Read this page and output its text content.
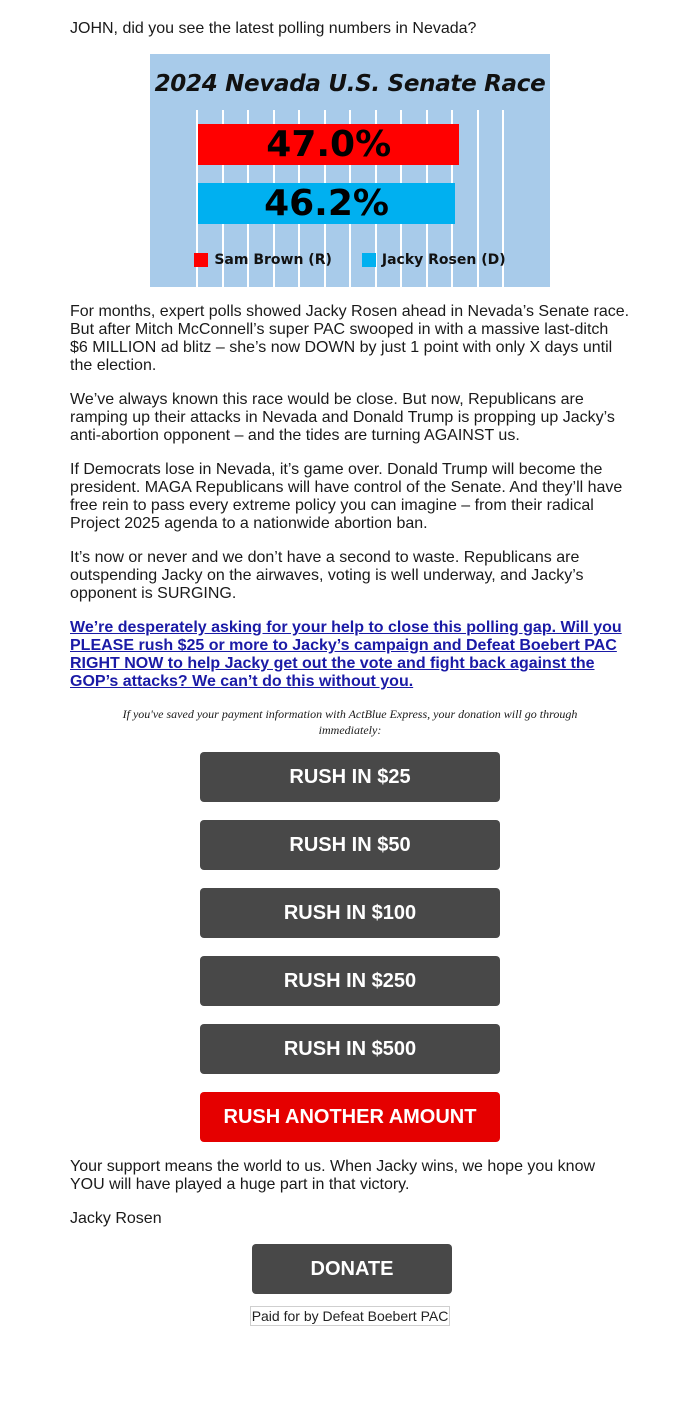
JOHN, did you see the latest polling numbers in Nevada?
2024 Nevada U.S. Senate Race
47.0%
46.2%
Sam Brown (R)	Jacky Rosen (D)
For months, expert polls showed Jacky Rosen ahead in Nevada’s Senate race. But after Mitch McConnell’s super PAC swooped in with a massive last-ditch $6 MILLION ad blitz – she’s now DOWN by just 1 point with only X days until the election.
We’ve always known this race would be close. But now, Republicans are ramping up their attacks in Nevada and Donald Trump is propping up Jacky’s anti-abortion opponent – and the tides are turning AGAINST us.
If Democrats lose in Nevada, it’s game over. Donald Trump will become the president. MAGA Republicans will have control of the Senate. And they’ll have free rein to pass every extreme policy you can imagine – from their radical Project 2025 agenda to a nationwide abortion ban.
It’s now or never and we don’t have a second to waste. Republicans are outspending Jacky on the airwaves, voting is well underway, and Jacky’s opponent is SURGING.
We’re desperately asking for your help to close this polling gap. Will you PLEASE rush $25 or more to Jacky’s campaign and Defeat Boebert PAC RIGHT NOW to help Jacky get out the vote and fight back against the GOP’s attacks? We can’t do this without you.
If you've saved your payment information with ActBlue Express, your donation will go through immediately:
RUSH IN $25
RUSH IN $50
RUSH IN $100
RUSH IN $250
RUSH IN $500
RUSH ANOTHER AMOUNT
Your support means the world to us. When Jacky wins, we hope you know YOU will have played a huge part in that victory.
Jacky Rosen
DONATE
Paid for by Defeat Boebert PAC
